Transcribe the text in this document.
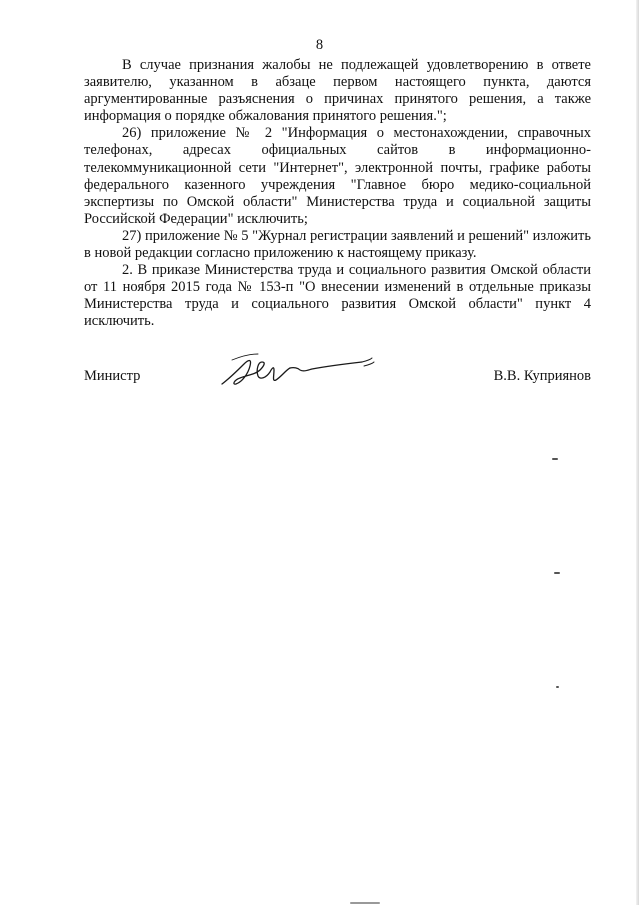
8

В случае признания жалобы не подлежащей удовлетворению в ответе заявителю, указанном в абзаце первом настоящего пункта, даются аргументированные разъяснения о причинах принятого решения, а также информация о порядке обжалования принятого решения.";

26) приложение № 2 "Информация о местонахождении, справочных телефонах, адресах официальных сайтов в информационно-телекоммуникационной сети "Интернет", электронной почты, графике работы федерального казенного учреждения "Главное бюро медико-социальной экспертизы по Омской области" Министерства труда и социальной защиты Российской Федерации" исключить;

27) приложение № 5 "Журнал регистрации заявлений и решений" изложить в новой редакции согласно приложению к настоящему приказу.

2. В приказе Министерства труда и социального развития Омской области от 11 ноября 2015 года № 153-п "О внесении изменений в отдельные приказы Министерства труда и социального развития Омской области" пункт 4 исключить.

Министр	В.В. Куприянов
